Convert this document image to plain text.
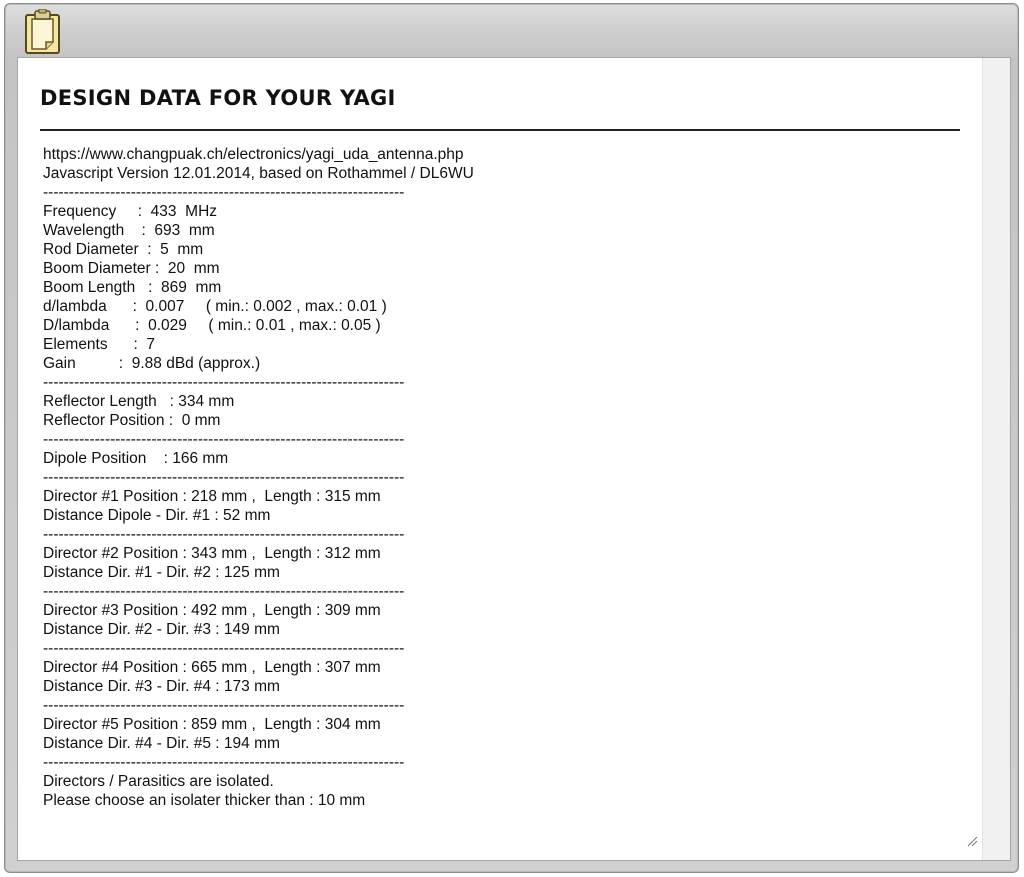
DESIGN DATA FOR YOUR YAGI
https://www.changpuak.ch/electronics/yagi_uda_antenna.php
Javascript Version 12.01.2014, based on Rothammel / DL6WU
----------------------------------------------------------------------
Frequency     :  433  MHz
Wavelength    :  693  mm
Rod Diameter  :  5  mm
Boom Diameter :  20  mm
Boom Length   :  869  mm
d/lambda      :  0.007     ( min.: 0.002 , max.: 0.01 )
D/lambda      :  0.029     ( min.: 0.01 , max.: 0.05 )
Elements      :  7
Gain          :  9.88 dBd (approx.)
----------------------------------------------------------------------
Reflector Length   : 334 mm
Reflector Position :  0 mm
----------------------------------------------------------------------
Dipole Position    : 166 mm
----------------------------------------------------------------------
Director #1 Position : 218 mm ,  Length : 315 mm
Distance Dipole - Dir. #1 : 52 mm
----------------------------------------------------------------------
Director #2 Position : 343 mm ,  Length : 312 mm
Distance Dir. #1 - Dir. #2 : 125 mm
----------------------------------------------------------------------
Director #3 Position : 492 mm ,  Length : 309 mm
Distance Dir. #2 - Dir. #3 : 149 mm
----------------------------------------------------------------------
Director #4 Position : 665 mm ,  Length : 307 mm
Distance Dir. #3 - Dir. #4 : 173 mm
----------------------------------------------------------------------
Director #5 Position : 859 mm ,  Length : 304 mm
Distance Dir. #4 - Dir. #5 : 194 mm
----------------------------------------------------------------------
Directors / Parasitics are isolated.
Please choose an isolater thicker than : 10 mm
